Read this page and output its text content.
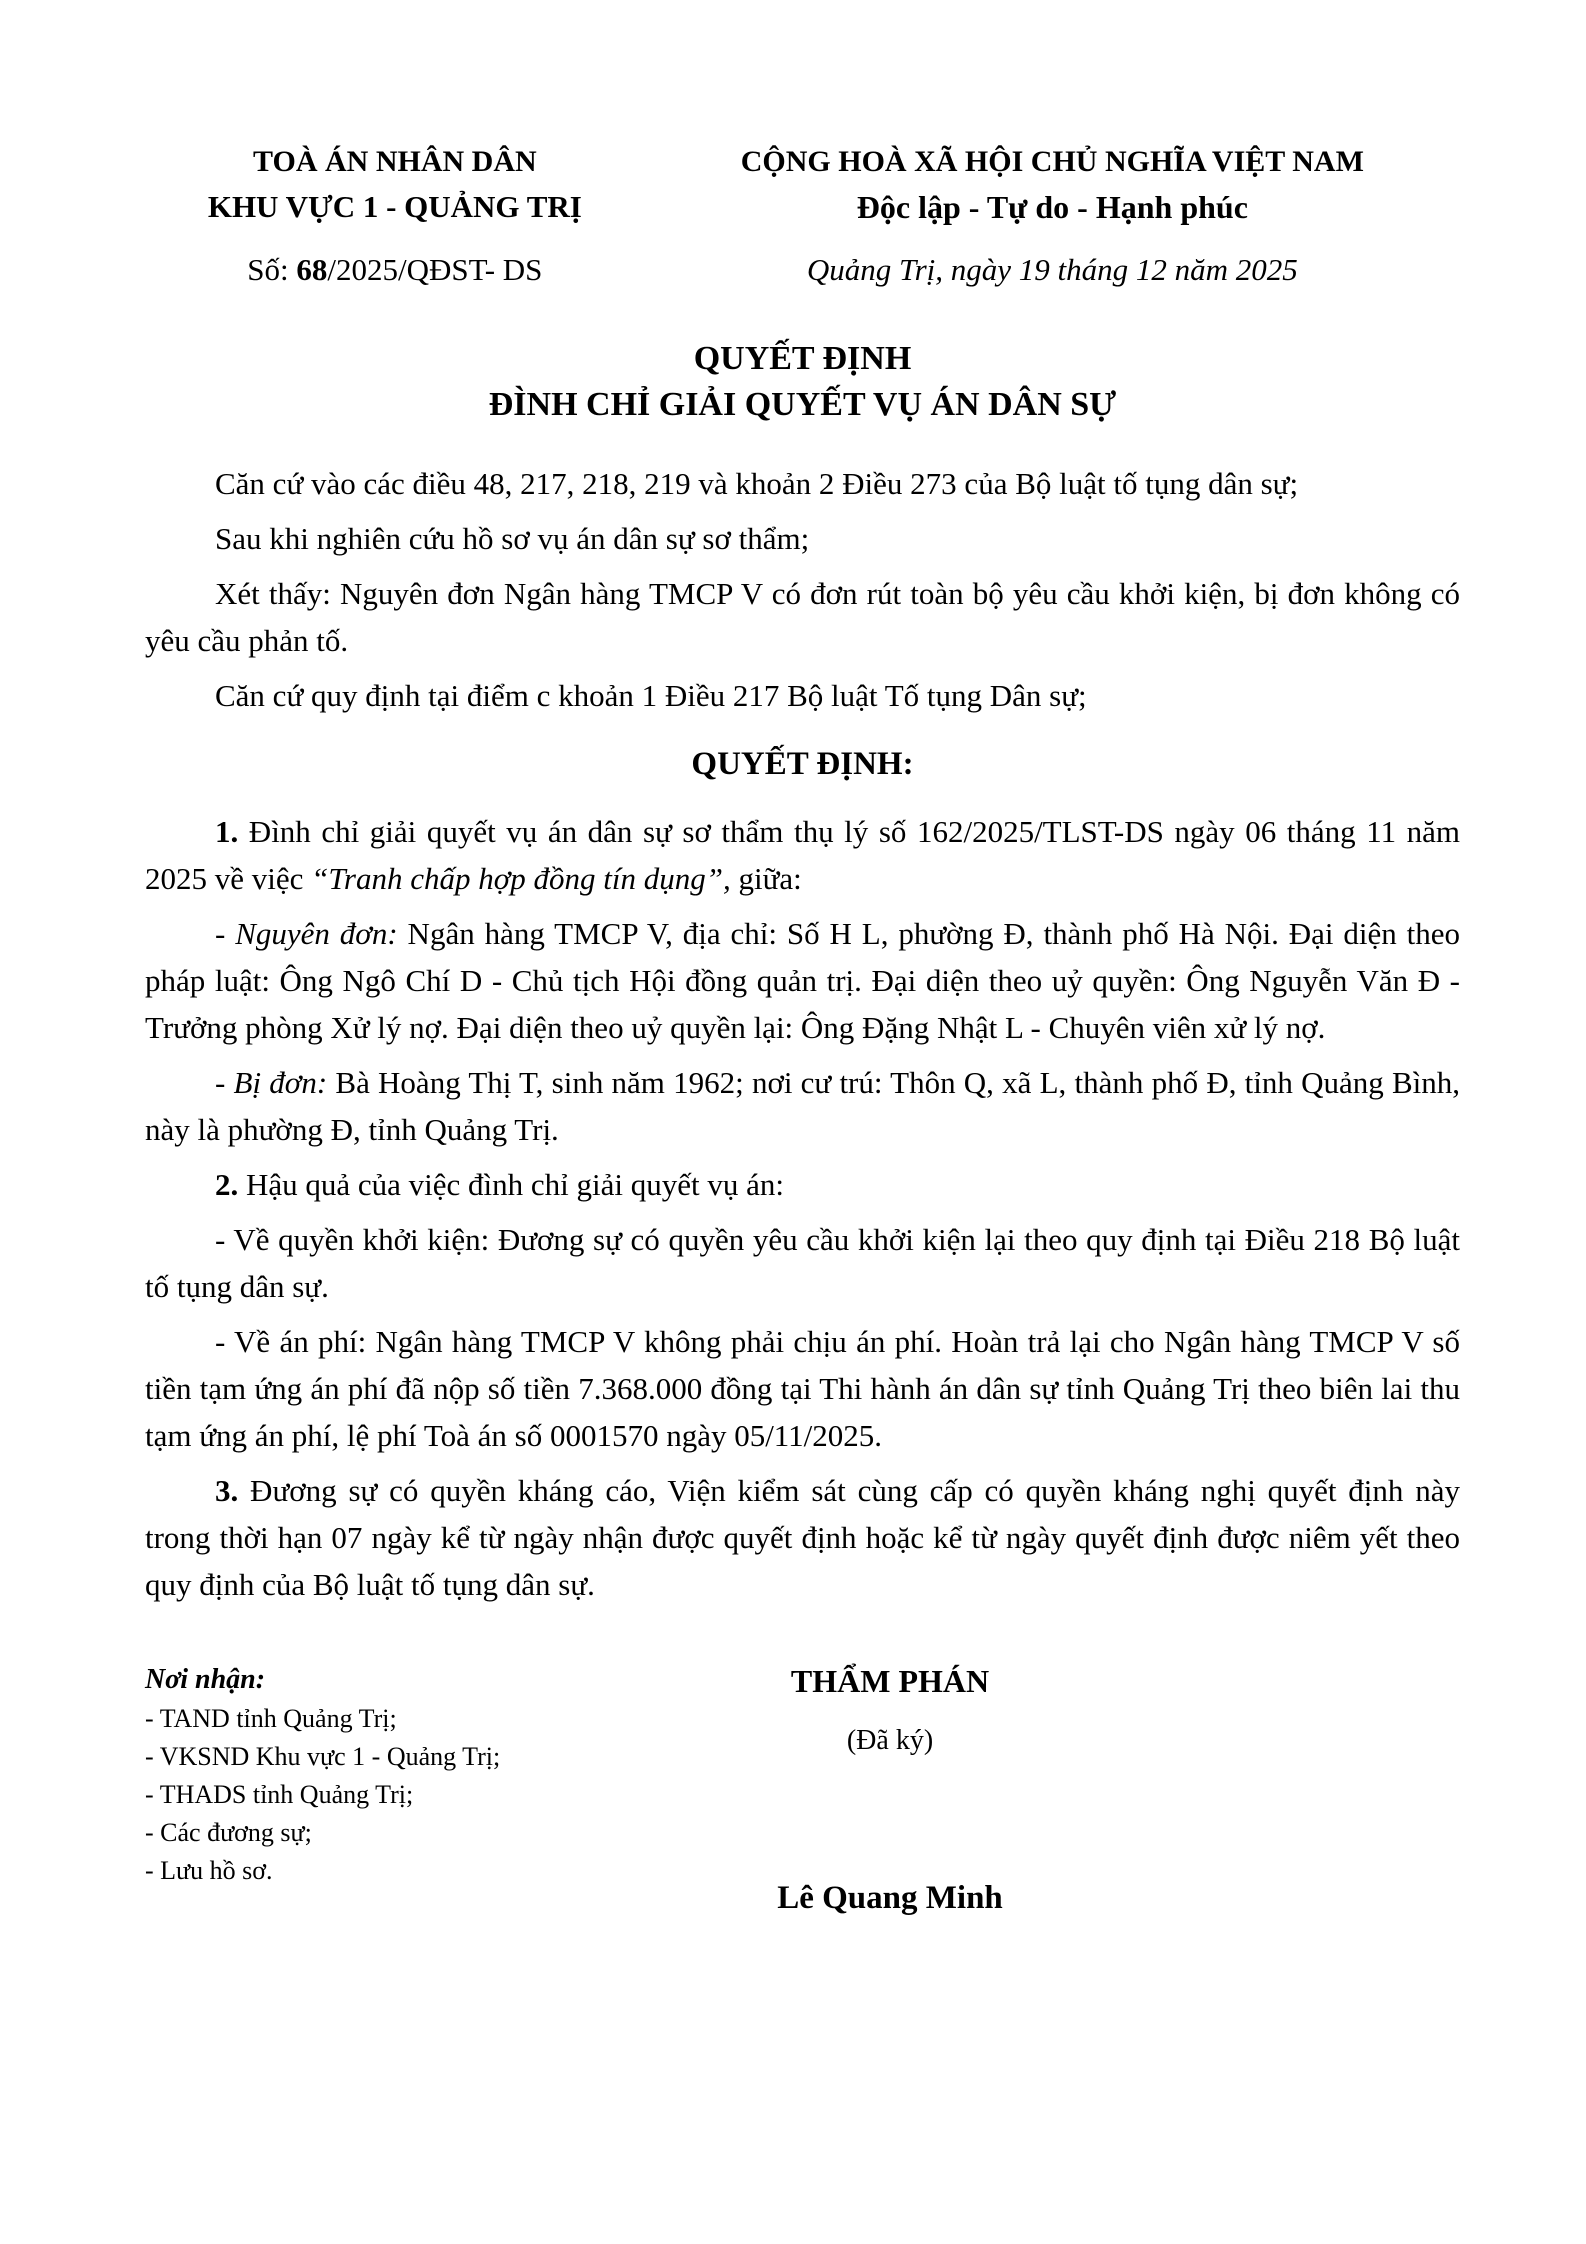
TOÀ ÁN NHÂN DÂN
KHU VỰC 1 - QUẢNG TRỊ
Số: 68/2025/QĐST- DS
CỘNG HOÀ XÃ HỘI CHỦ NGHĨA VIỆT NAM
Độc lập - Tự do - Hạnh phúc
Quảng Trị, ngày 19 tháng 12 năm 2025
QUYẾT ĐỊNH
ĐÌNH CHỈ GIẢI QUYẾT VỤ ÁN DÂN SỰ

Căn cứ vào các điều 48, 217, 218, 219 và khoản 2 Điều 273 của Bộ luật tố tụng dân sự;

Sau khi nghiên cứu hồ sơ vụ án dân sự sơ thẩm;

Xét thấy: Nguyên đơn Ngân hàng TMCP V có đơn rút toàn bộ yêu cầu khởi kiện, bị đơn không có yêu cầu phản tố.

Căn cứ quy định tại điểm c khoản 1 Điều 217 Bộ luật Tố tụng Dân sự;

QUYẾT ĐỊNH:

1. Đình chỉ giải quyết vụ án dân sự sơ thẩm thụ lý số 162/2025/TLST-DS ngày 06 tháng 11 năm 2025 về việc “Tranh chấp hợp đồng tín dụng”, giữa:

- Nguyên đơn: Ngân hàng TMCP V, địa chỉ: Số H L, phường Đ, thành phố Hà Nội. Đại diện theo pháp luật: Ông Ngô Chí D - Chủ tịch Hội đồng quản trị. Đại diện theo uỷ quyền: Ông Nguyễn Văn Đ - Trưởng phòng Xử lý nợ. Đại diện theo uỷ quyền lại: Ông Đặng Nhật L - Chuyên viên xử lý nợ.

- Bị đơn: Bà Hoàng Thị T, sinh năm 1962; nơi cư trú: Thôn Q, xã L, thành phố Đ, tỉnh Quảng Bình, này là phường Đ, tỉnh Quảng Trị.

2. Hậu quả của việc đình chỉ giải quyết vụ án:

- Về quyền khởi kiện: Đương sự có quyền yêu cầu khởi kiện lại theo quy định tại Điều 218 Bộ luật tố tụng dân sự.

- Về án phí: Ngân hàng TMCP V không phải chịu án phí. Hoàn trả lại cho Ngân hàng TMCP V số tiền tạm ứng án phí đã nộp số tiền 7.368.000 đồng tại Thi hành án dân sự tỉnh Quảng Trị theo biên lai thu tạm ứng án phí, lệ phí Toà án số 0001570 ngày 05/11/2025.

3. Đương sự có quyền kháng cáo, Viện kiểm sát cùng cấp có quyền kháng nghị quyết định này trong thời hạn 07 ngày kể từ ngày nhận được quyết định hoặc kể từ ngày quyết định được niêm yết theo quy định của Bộ luật tố tụng dân sự.

Nơi nhận:
- TAND tỉnh Quảng Trị;
- VKSND Khu vực 1 - Quảng Trị;
- THADS tỉnh Quảng Trị;
- Các đương sự;
- Lưu hồ sơ.
THẨM PHÁN
(Đã ký)
Lê Quang Minh
